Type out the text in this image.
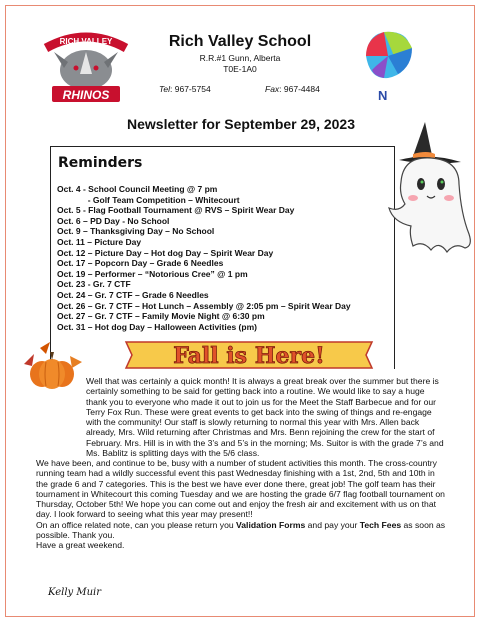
RICH VALLEY
RHINOS
Rich Valley School
R.R.#1 Gunn, Alberta
T0E-1A0
Tel: 967-5754	Fax: 967-4484	N
Newsletter for September 29, 2023
Reminders
Oct. 4 - School Council Meeting @ 7 pm
- Golf Team Competition – Whitecourt
Oct. 5 - Flag Football Tournament @ RVS – Spirit Wear Day
Oct. 6 – PD Day - No School
Oct. 9 – Thanksgiving Day – No School
Oct. 11 – Picture Day
Oct. 12 – Picture Day – Hot dog Day – Spirit Wear Day
Oct. 17 – Popcorn Day – Grade 6 Needles
Oct. 19 – Performer – “Notorious Cree” @ 1 pm
Oct. 23 - Gr. 7 CTF
Oct. 24 – Gr. 7 CTF – Grade 6 Needles
Oct. 26 – Gr. 7 CTF – Hot Lunch – Assembly @ 2:05 pm – Spirit Wear Day
Oct. 27 – Gr. 7 CTF – Family Movie Night @ 6:30 pm
Oct. 31 – Hot dog Day – Halloween Activities (pm)
Fall is Here!

Well that was certainly a quick month! It is always a great break over the summer but there is certainly something to be said for getting back into a routine. We would like to say a huge thank you to everyone who made it out to join us for the Meet the Staff Barbecue and for our Terry Fox Run. These were great events to get back into the swing of things and re-engage with the community! Our staff is slowly returning to normal this year with Mrs. Allen back already, Mrs. Wild returning after Christmas and Mrs. Benn rejoining the crew for the start of February. Mrs. Hill is in with the 3’s and 5’s in the morning; Ms. Suitor is with the grade 7’s and Ms. Bablitz is splitting days with the 5/6 class.

We have been, and continue to be, busy with a number of student activities this month. The cross-country running team had a wildly successful event this past Wednesday finishing with a 1st, 2nd, 5th and 10th in the grade 6 and 7 categories. This is the best we have ever done there, great job! The golf team has their tournament in Whitecourt this coming Tuesday and we are hosting the grade 6/7 flag football tournament on Thursday, October 5th! We hope you can come out and enjoy the fresh air and excitement with us on that day. I look forward to seeing what this year may present!!

On an office related note, can you please return you Validation Forms and pay your Tech Fees as soon as possible. Thank you.

Have a great weekend.

Kelly Muir
